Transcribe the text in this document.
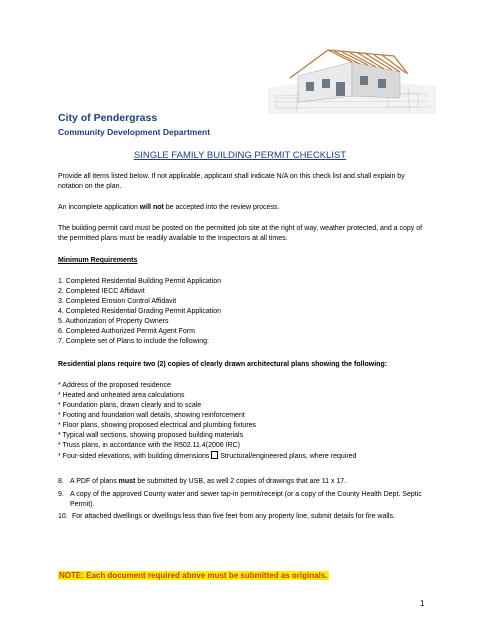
City of Pendergrass
Community Development Department
SINGLE FAMILY BUILDING PERMIT CHECKLIST
Provide all items listed below. If not applicable, applicant shall indicate N/A on this check list and shall explain by notation on the plan.
An incomplete application will not be accepted into the review process.
The building permit card must be posted on the permitted job site at the right of way, weather protected, and a copy of the permitted plans must be readily available to the Inspectors at all times.
Minimum Requirements
1. Completed Residential Building Permit Application
2. Completed IECC Affidavit
3. Completed Erosion Control Affidavit
4. Completed Residential Grading Permit Application
5. Authorization of Property Owners
6. Completed Authorized Permit Agent Form
7. Complete set of Plans to include the following:
Residential plans require two (2) copies of clearly drawn architectural plans showing the following:
* Address of the proposed residence
* Heated and unheated area calculations
* Foundation plans, drawn clearly and to scale
* Footing and foundation wall details, showing reinforcement
* Floor plans, showing proposed electrical and plumbing fixtures
* Typical wall sections, showing proposed building materials
* Truss plans, in accordance with the R502.11.4(2006 IRC)
* Four-sided elevations, with building dimensions  Structural/engineered plans, where required
8. A PDF of plans must be submitted by USB, as well 2 copies of drawings that are 11 x 17.
9. A copy of the approved County water and sewer tap-in permit/receipt (or a copy of the County Health Dept. Septic Permit).
10. For attached dwellings or dwellings less than five feet from any property line, submit details for fire walls.
NOTE: Each document required above must be submitted as originals.
1
